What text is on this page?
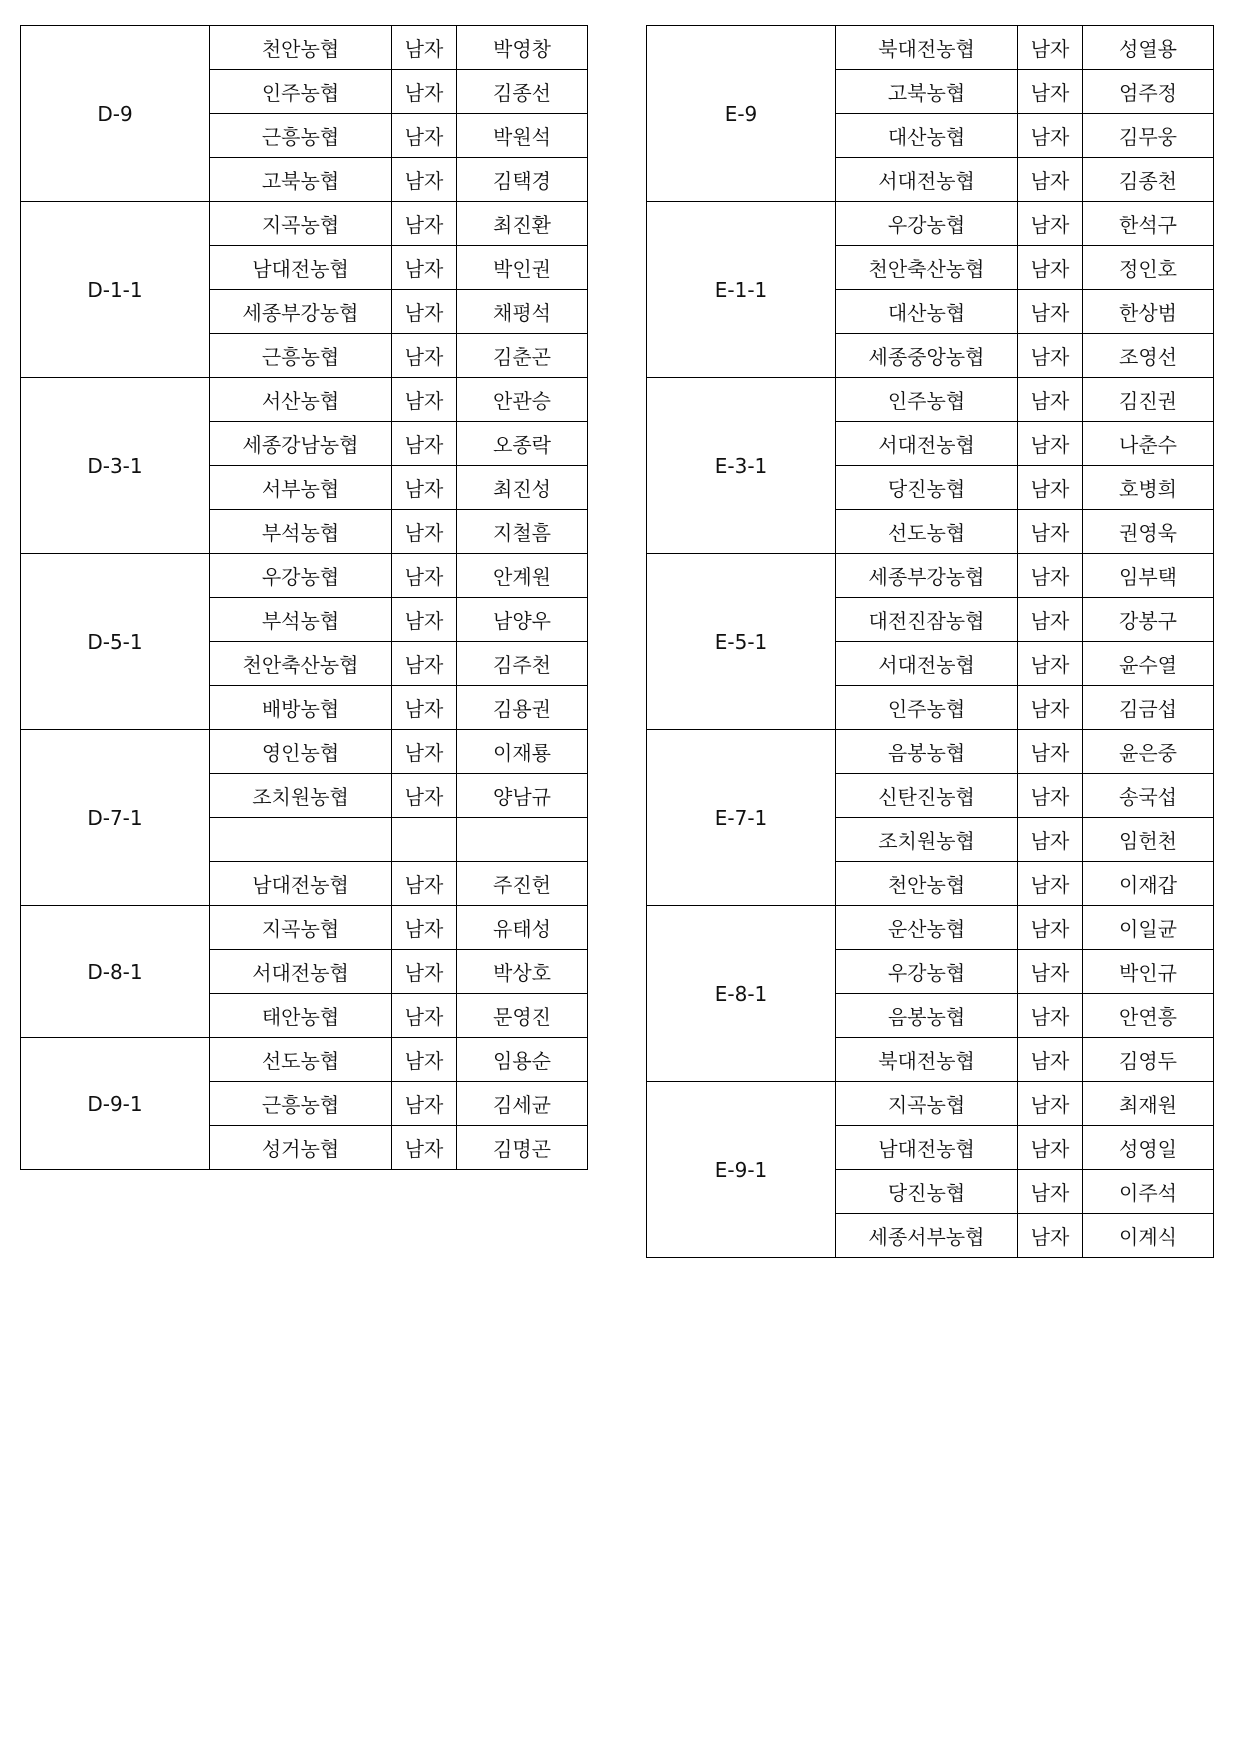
D-9	천안농협	남자	박영창
	인주농협	남자	김종선
	근흥농협	남자	박원석
	고북농협	남자	김택경
D-1-1	지곡농협	남자	최진환
	남대전농협	남자	박인권
	세종부강농협	남자	채평석
	근흥농협	남자	김춘곤
D-3-1	서산농협	남자	안관승
	세종강남농협	남자	오종락
	서부농협	남자	최진성
	부석농협	남자	지철흠
D-5-1	우강농협	남자	안계원
	부석농협	남자	남양우
	천안축산농협	남자	김주천
	배방농협	남자	김용권
D-7-1	영인농협	남자	이재룡
	조치원농협	남자	양남규

	남대전농협	남자	주진헌
D-8-1	지곡농협	남자	유태성
	서대전농협	남자	박상호
	태안농협	남자	문영진
D-9-1	선도농협	남자	임용순
	근흥농협	남자	김세균
	성거농협	남자	김명곤
E-9	북대전농협	남자	성열용
	고북농협	남자	엄주정
	대산농협	남자	김무웅
	서대전농협	남자	김종천
E-1-1	우강농협	남자	한석구
	천안축산농협	남자	정인호
	대산농협	남자	한상범
	세종중앙농협	남자	조영선
E-3-1	인주농협	남자	김진권
	서대전농협	남자	나춘수
	당진농협	남자	호병희
	선도농협	남자	권영욱
E-5-1	세종부강농협	남자	임부택
	대전진잠농협	남자	강봉구
	서대전농협	남자	윤수열
	인주농협	남자	김금섭
E-7-1	음봉농협	남자	윤은중
	신탄진농협	남자	송국섭
	조치원농협	남자	임헌천
	천안농협	남자	이재갑
E-8-1	운산농협	남자	이일균
	우강농협	남자	박인규
	음봉농협	남자	안연흥
	북대전농협	남자	김영두
E-9-1	지곡농협	남자	최재원
	남대전농협	남자	성영일
	당진농협	남자	이주석
	세종서부농협	남자	이계식
